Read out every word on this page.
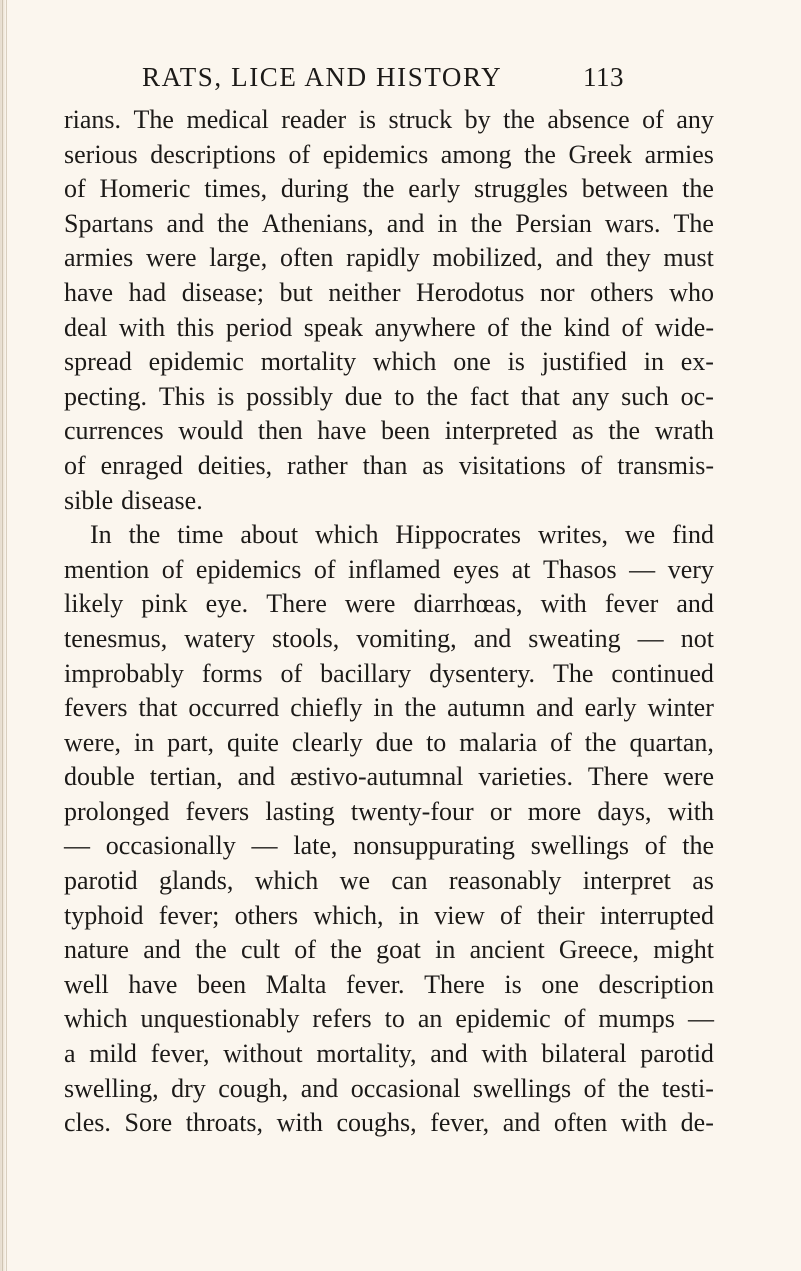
RATS, LICE AND HISTORY	113
rians. The medical reader is struck by the absence of any
serious descriptions of epidemics among the Greek armies
of Homeric times, during the early struggles between the
Spartans and the Athenians, and in the Persian wars. The
armies were large, often rapidly mobilized, and they must
have had disease; but neither Herodotus nor others who
deal with this period speak anywhere of the kind of wide-
spread epidemic mortality which one is justified in ex-
pecting. This is possibly due to the fact that any such oc-
currences would then have been interpreted as the wrath
of enraged deities, rather than as visitations of transmis-
sible disease.
In the time about which Hippocrates writes, we find
mention of epidemics of inflamed eyes at Thasos — very
likely pink eye. There were diarrhœas, with fever and
tenesmus, watery stools, vomiting, and sweating — not
improbably forms of bacillary dysentery. The continued
fevers that occurred chiefly in the autumn and early winter
were, in part, quite clearly due to malaria of the quartan,
double tertian, and æstivo-autumnal varieties. There were
prolonged fevers lasting twenty-four or more days, with
— occasionally — late, nonsuppurating swellings of the
parotid glands, which we can reasonably interpret as
typhoid fever; others which, in view of their interrupted
nature and the cult of the goat in ancient Greece, might
well have been Malta fever. There is one description
which unquestionably refers to an epidemic of mumps —
a mild fever, without mortality, and with bilateral parotid
swelling, dry cough, and occasional swellings of the testi-
cles. Sore throats, with coughs, fever, and often with de-
